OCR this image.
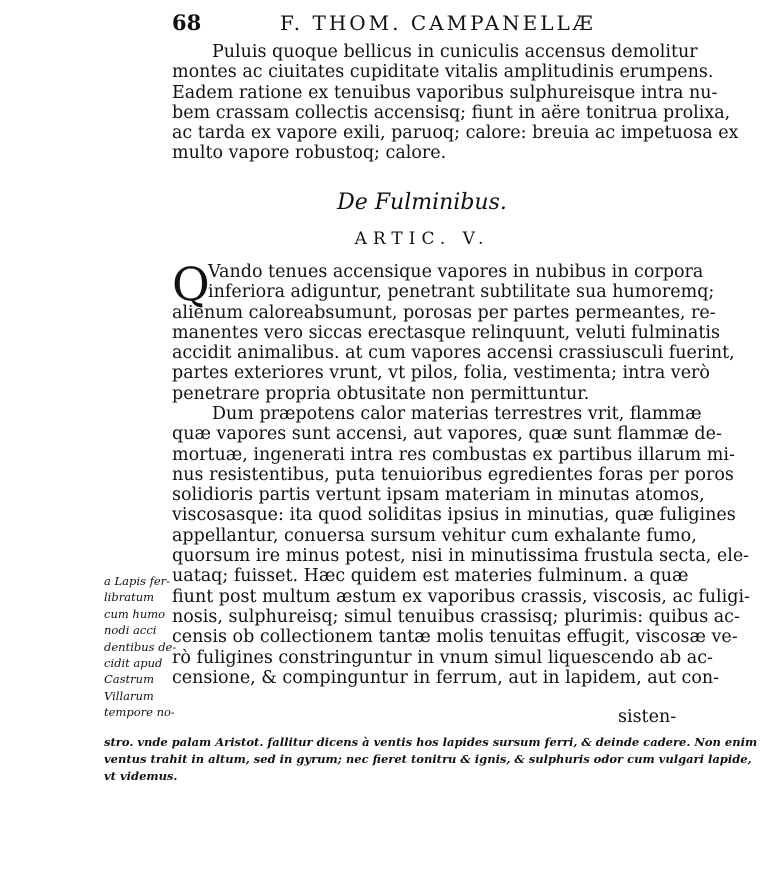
68	F. THOM. CAMPANELLÆ
Puluis quoque bellicus in cuniculis accensus demolitur
montes ac ciuitates cupiditate vitalis amplitudinis erumpens.
Eadem ratione ex tenuibus vaporibus sulphureisque intra nu-
bem crassam collectis accensisq; fiunt in aëre tonitrua prolixa,
ac tarda ex vapore exili, paruoq; calore: breuia ac impetuosa ex
multo vapore robustoq; calore.
De Fulminibus.
ARTIC. V.
Q
Vando tenues accensique vapores in nubibus in corpora
inferiora adiguntur, penetrant subtilitate sua humoremq;
alienum caloreabsumunt, porosas per partes permeantes, re-
manentes vero siccas erectasque relinquunt, veluti fulminatis
accidit animalibus. at cum vapores accensi crassiusculi fuerint,
partes exteriores vrunt, vt pilos, folia, vestimenta; intra verò
penetrare propria obtusitate non permittuntur.
Dum præpotens calor materias terrestres vrit, flammæ
quæ vapores sunt accensi, aut vapores, quæ sunt flammæ de-
mortuæ, ingenerati intra res combustas ex partibus illarum mi-
nus resistentibus, puta tenuioribus egredientes foras per poros
solidioris partis vertunt ipsam materiam in minutas atomos,
viscosasque: ita quod soliditas ipsius in minutias, quæ fuligines
appellantur, conuersa sursum vehitur cum exhalante fumo,
quorsum ire minus potest, nisi in minutissima frustula secta, ele-
uataq; fuisset. Hæc quidem est materies fulminum. a quæ
fiunt post multum æstum ex vaporibus crassis, viscosis, ac fuligi-
nosis, sulphureisq; simul tenuibus crassisq; plurimis: quibus ac-
censis ob collectionem tantæ molis tenuitas effugit, viscosæ ve-
rò fuligines constringuntur in vnum simul liquescendo ab ac-
censione, & compinguntur in ferrum, aut in lapidem, aut con-
sisten-
a Lapis fer-
libratum
cum humo
nodi acci
dentibus de-
cidit apud
Castrum
Villarum
tempore no-
stro. vnde palam Aristot. fallitur dicens à ventis hos lapides sursum ferri, & deinde cadere. Non enim
ventus trahit in altum, sed in gyrum; nec fieret tonitru & ignis, & sulphuris odor cum vulgari lapide,
vt videmus.
